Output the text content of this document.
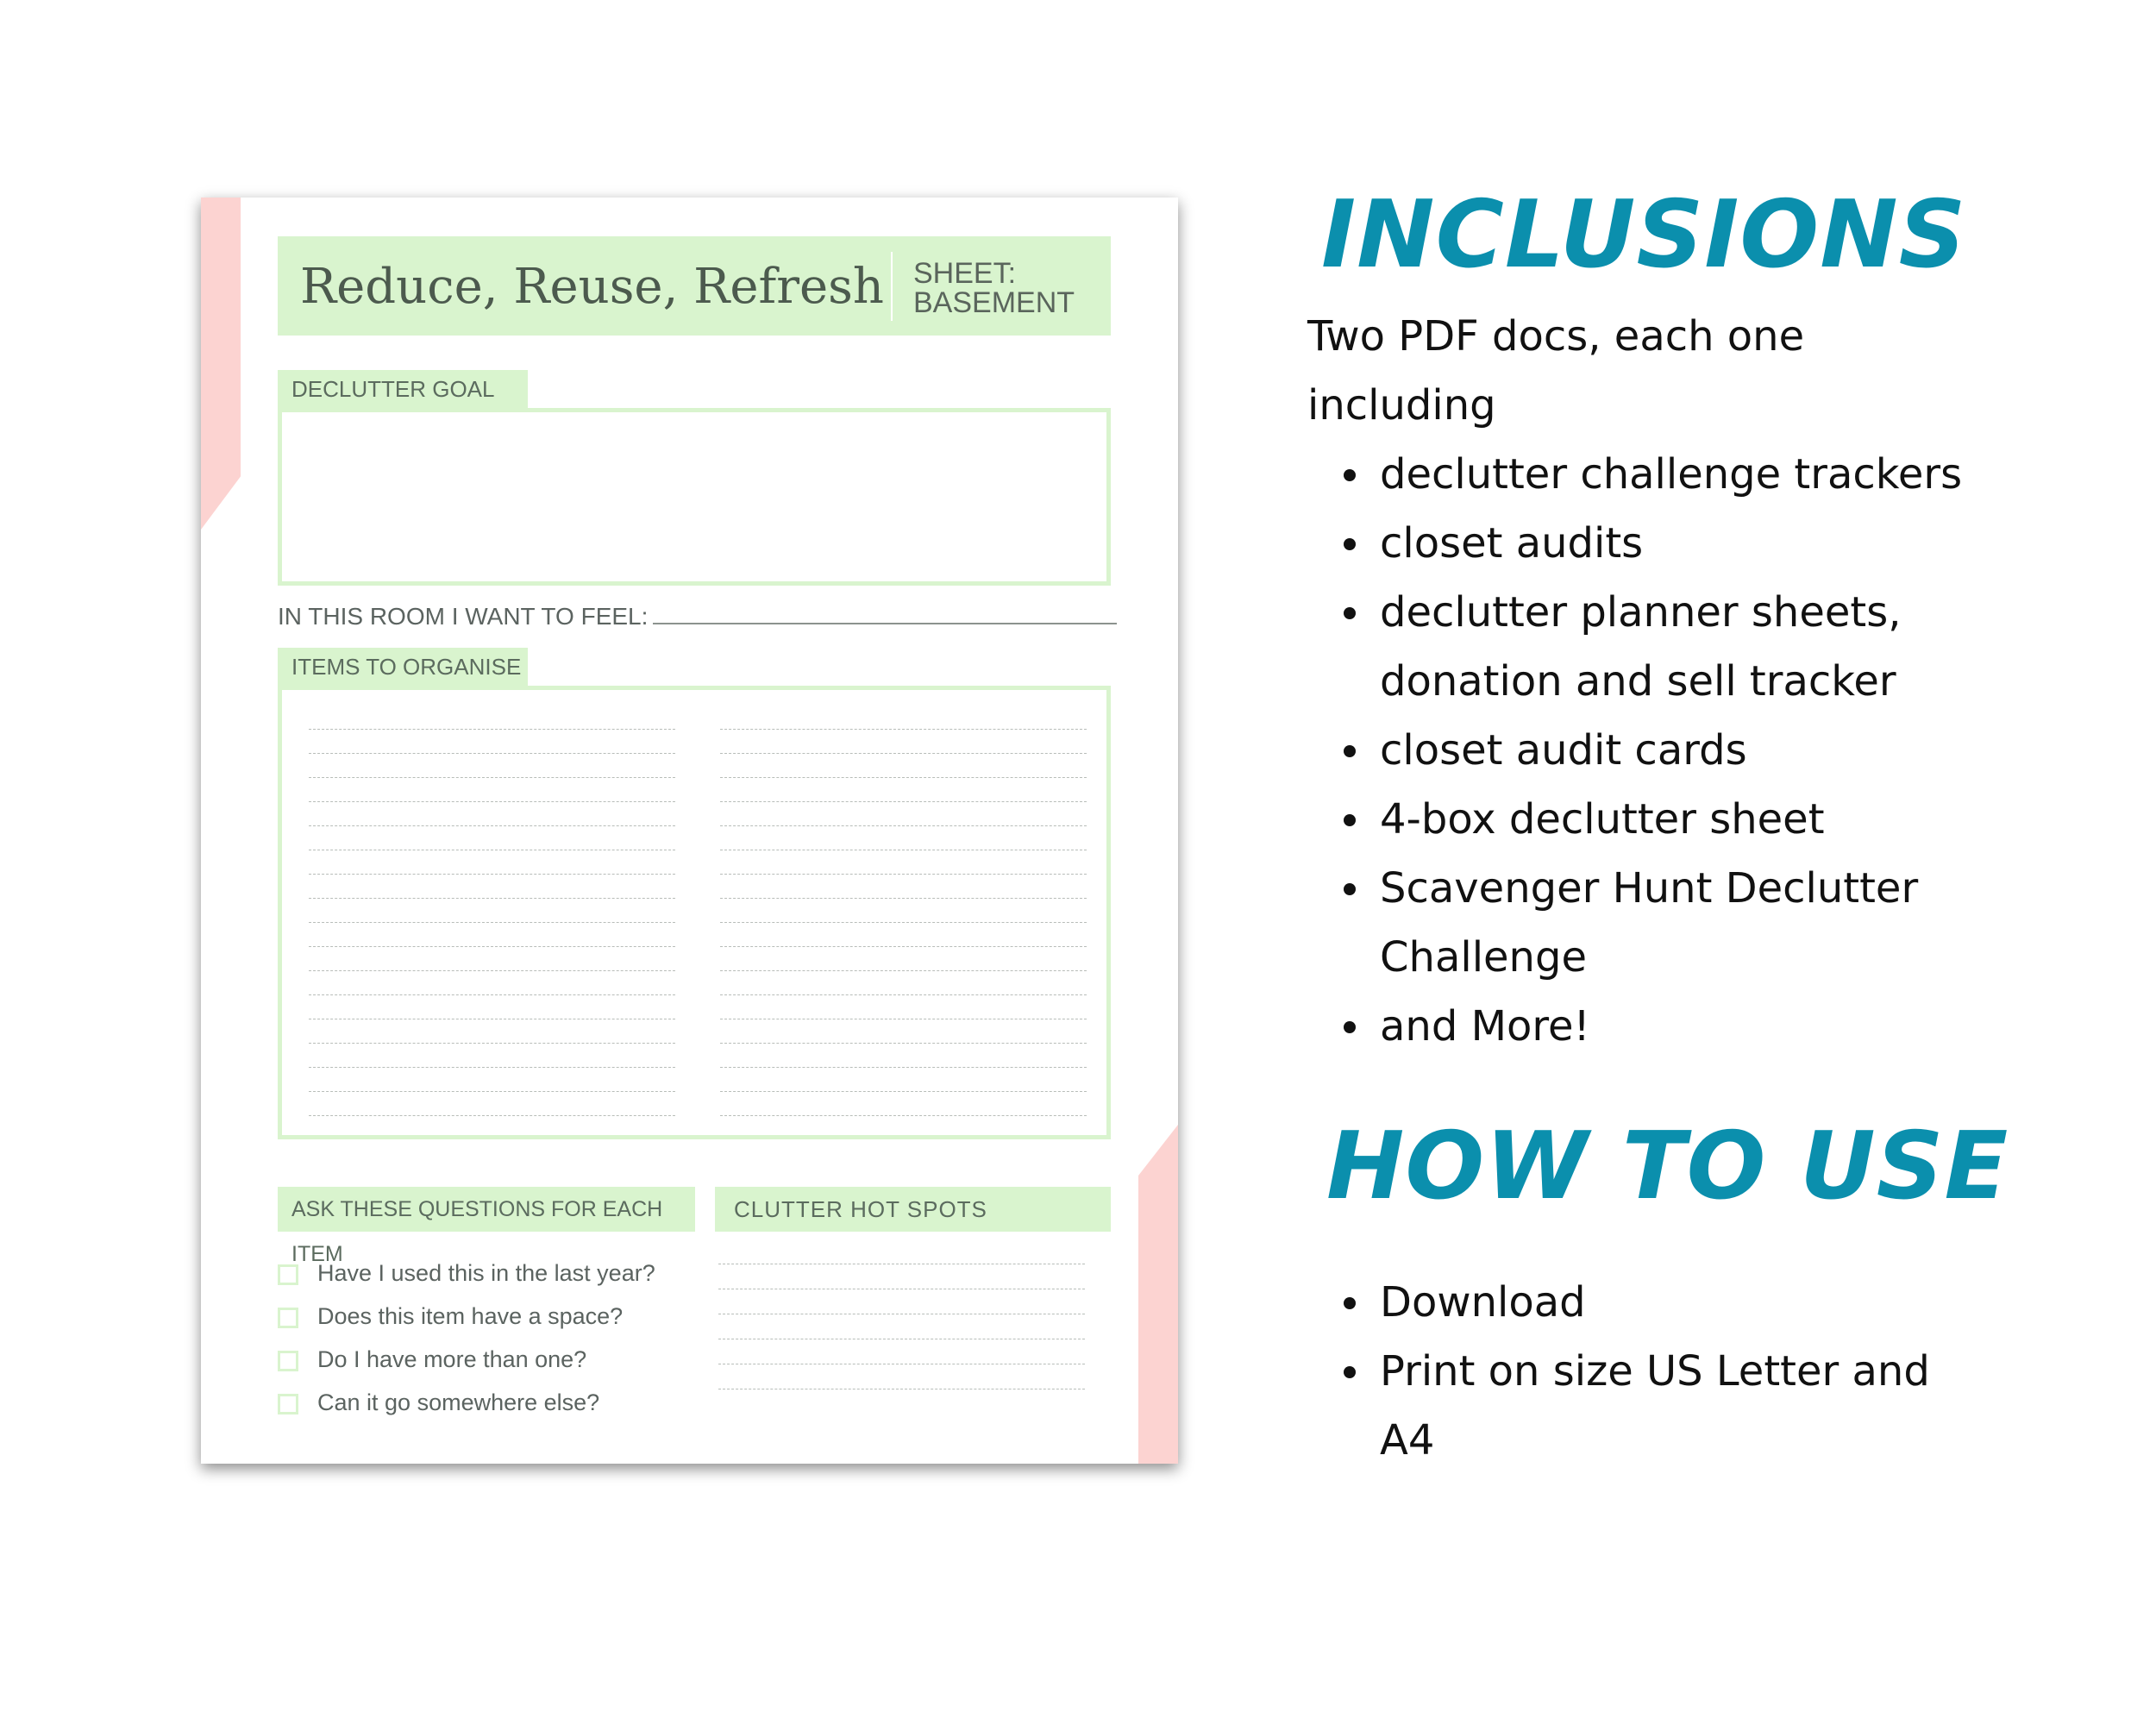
Reduce, Reuse, Refresh SHEET:
BASEMENT
DECLUTTER GOAL
IN THIS ROOM I WANT TO FEEL:
ITEMS TO ORGANISE
ASK THESE QUESTIONS FOR EACH ITEM
CLUTTER HOT SPOTS
Have I used this in the last year?
Does this item have a space?
Do I have more than one?
Can it go somewhere else?
INCLUSIONS
Two PDF docs, each one including
declutter challenge trackers
closet audits
declutter planner sheets, donation and sell tracker
closet audit cards
4-box declutter sheet
Scavenger Hunt Declutter Challenge
and More!
HOW TO USE
Download
Print on size US Letter and A4
